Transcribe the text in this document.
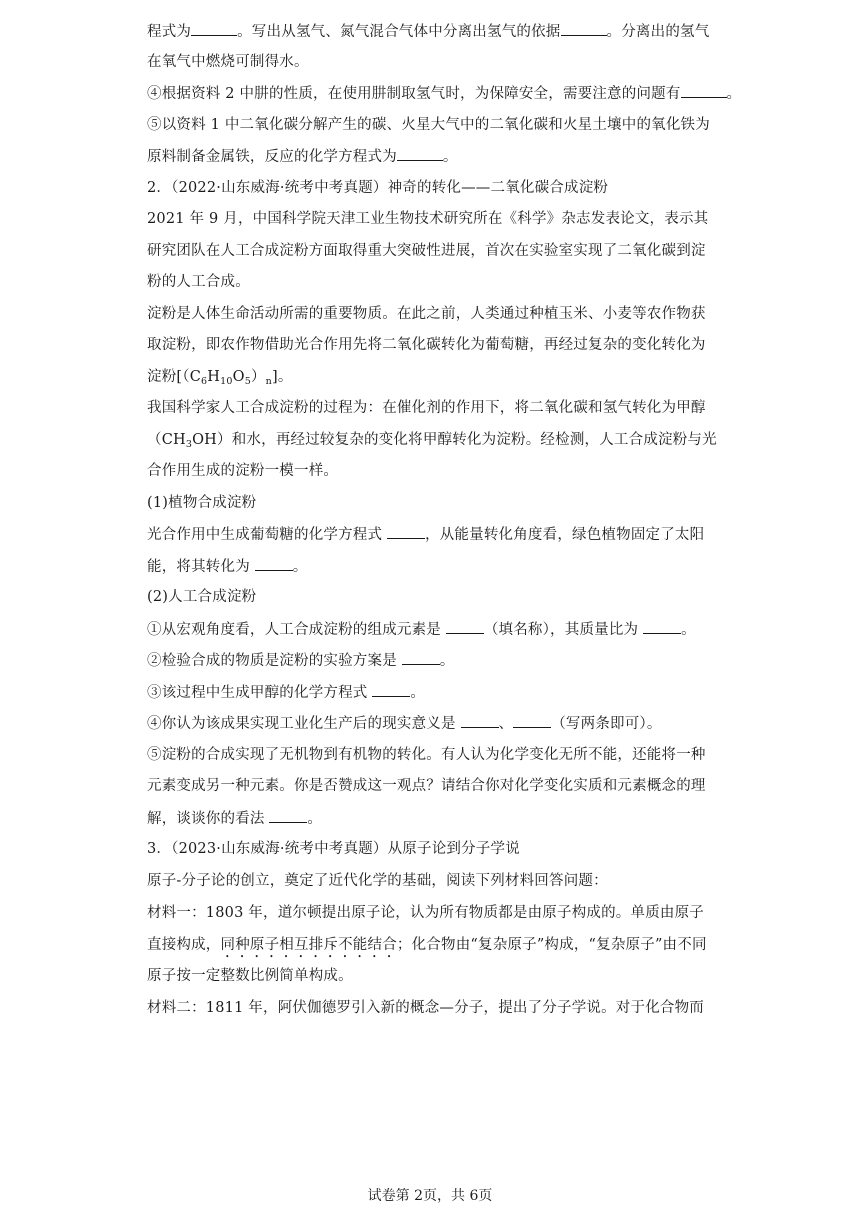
程式为	。写出从氢气、氮气混合气体中分离出氢气的依据	。分离出的氢气
在氧气中燃烧可制得水。
④根据资料 2 中肼的性质，在使用肼制取氢气时，为保障安全，需要注意的问题有	。
⑤以资料 1 中二氧化碳分解产生的碳、火星大气中的二氧化碳和火星土壤中的氧化铁为
原料制备金属铁，反应的化学方程式为	。
2．（2022·山东威海·统考中考真题）神奇的转化——二氧化碳合成淀粉
2021 年 9 月，中国科学院天津工业生物技术研究所在《科学》杂志发表论文，表示其
研究团队在人工合成淀粉方面取得重大突破性进展，首次在实验室实现了二氧化碳到淀
粉的人工合成。
淀粉是人体生命活动所需的重要物质。在此之前，人类通过种植玉米、小麦等农作物获
取淀粉，即农作物借助光合作用先将二氧化碳转化为葡萄糖，再经过复杂的变化转化为
淀粉$[(C_6H_{10}O_5)_n]$。
我国科学家人工合成淀粉的过程为：在催化剂的作用下，将二氧化碳和氢气转化为甲醇
$(CH_3OH)$和水，再经过较复杂的变化将甲醇转化为淀粉。经检测，人工合成淀粉与光
合作用生成的淀粉一模一样。
(1)植物合成淀粉
光合作用中生成葡萄糖的化学方程式	，从能量转化角度看，绿色植物固定了太阳
能，将其转化为	。
(2)人工合成淀粉
①从宏观角度看，人工合成淀粉的组成元素是	（填名称），其质量比为	。
②检验合成的物质是淀粉的实验方案是	。
③该过程中生成甲醇的化学方程式	。
④你认为该成果实现工业化生产后的现实意义是	、	（写两条即可）。
⑤淀粉的合成实现了无机物到有机物的转化。有人认为化学变化无所不能，还能将一种
元素变成另一种元素。你是否赞成这一观点？请结合你对化学变化实质和元素概念的理
解，谈谈你的看法	。
3．（2023·山东威海·统考中考真题）从原子论到分子学说
原子-分子论的创立，奠定了近代化学的基础，阅读下列材料回答问题：
材料一：1803 年，道尔顿提出原子论，认为所有物质都是由原子构成的。单质由原子
直接构成，同种原子相互排斥不能结合；化合物由“复杂原子”构成，“复杂原子”由不同
原子按一定整数比例简单构成。
材料二：1811 年，阿伏伽德罗引入新的概念—分子，提出了分子学说。对于化合物而
试卷第 2页，共 6页
